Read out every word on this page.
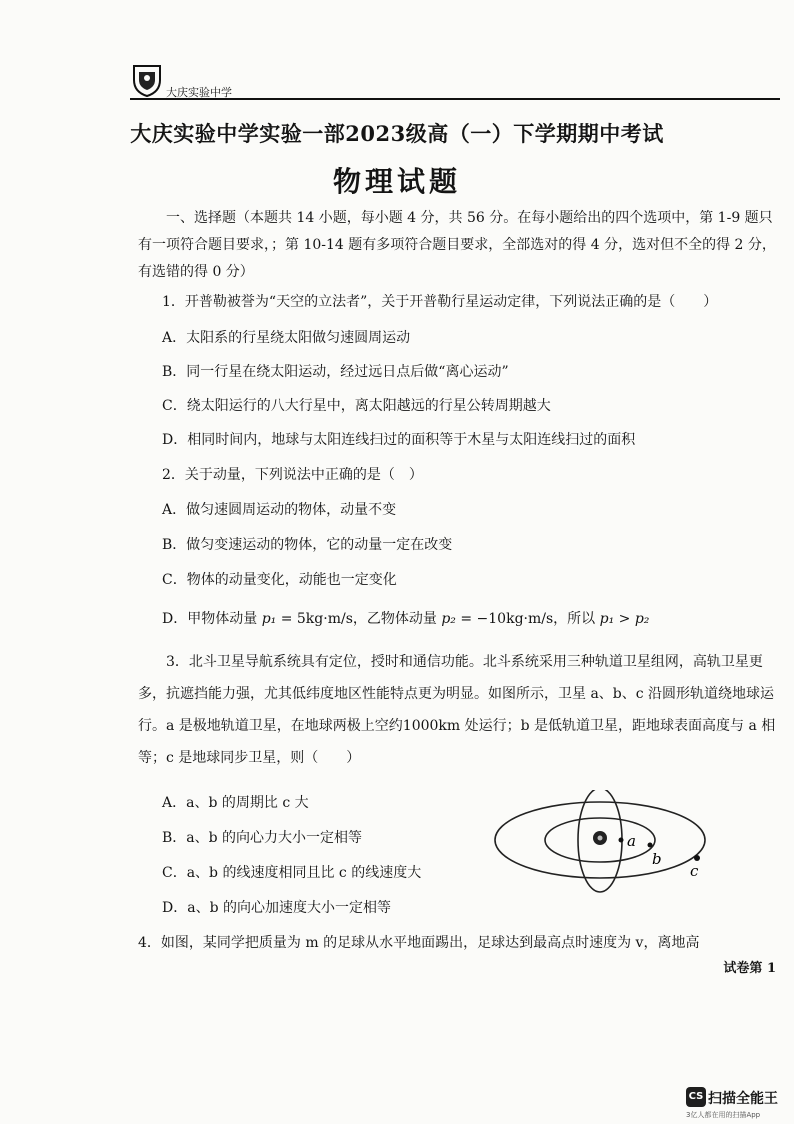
大庆实验中学
大庆实验中学实验一部2023级高（一）下学期期中考试
物理试题
一、选择题（本题共 14 小题，每小题 4 分，共 56 分。在每小题给出的四个选项中，第 1-9 题只有一项符合题目要求，；第 10-14 题有多项符合题目要求，全部选对的得 4 分，选对但不全的得 2 分，有选错的得 0 分）
1．开普勒被誉为“天空的立法者”，关于开普勒行星运动定律，下列说法正确的是（　　）
A．太阳系的行星绕太阳做匀速圆周运动
B．同一行星在绕太阳运动，经过远日点后做“离心运动”
C．绕太阳运行的八大行星中，离太阳越远的行星公转周期越大
D．相同时间内，地球与太阳连线扫过的面积等于木星与太阳连线扫过的面积
2．关于动量，下列说法中正确的是（　）
A．做匀速圆周运动的物体，动量不变
B．做匀变速运动的物体，它的动量一定在改变
C．物体的动量变化，动能也一定变化
D．甲物体动量 p₁ = 5kg·m/s，乙物体动量 p₂ = −10kg·m/s，所以 p₁ > p₂
3．北斗卫星导航系统具有定位，授时和通信功能。北斗系统采用三种轨道卫星组网，高轨卫星更多，抗遮挡能力强，尤其低纬度地区性能特点更为明显。如图所示，卫星 a、b、c 沿圆形轨道绕地球运行。a 是极地轨道卫星，在地球两极上空约1000km 处运行；b 是低轨道卫星，距地球表面高度与 a 相等；c 是地球同步卫星，则（　　）
A．a、b 的周期比 c 大
B．a、b 的向心力大小一定相等
C．a、b 的线速度相同且比 c 的线速度大
D．a、b 的向心加速度大小一定相等
a
b
c
4．如图，某同学把质量为 m 的足球从水平地面踢出，足球达到最高点时速度为 v，离地高
试卷第 1
CS 扫描全能王
3亿人都在用的扫描App
